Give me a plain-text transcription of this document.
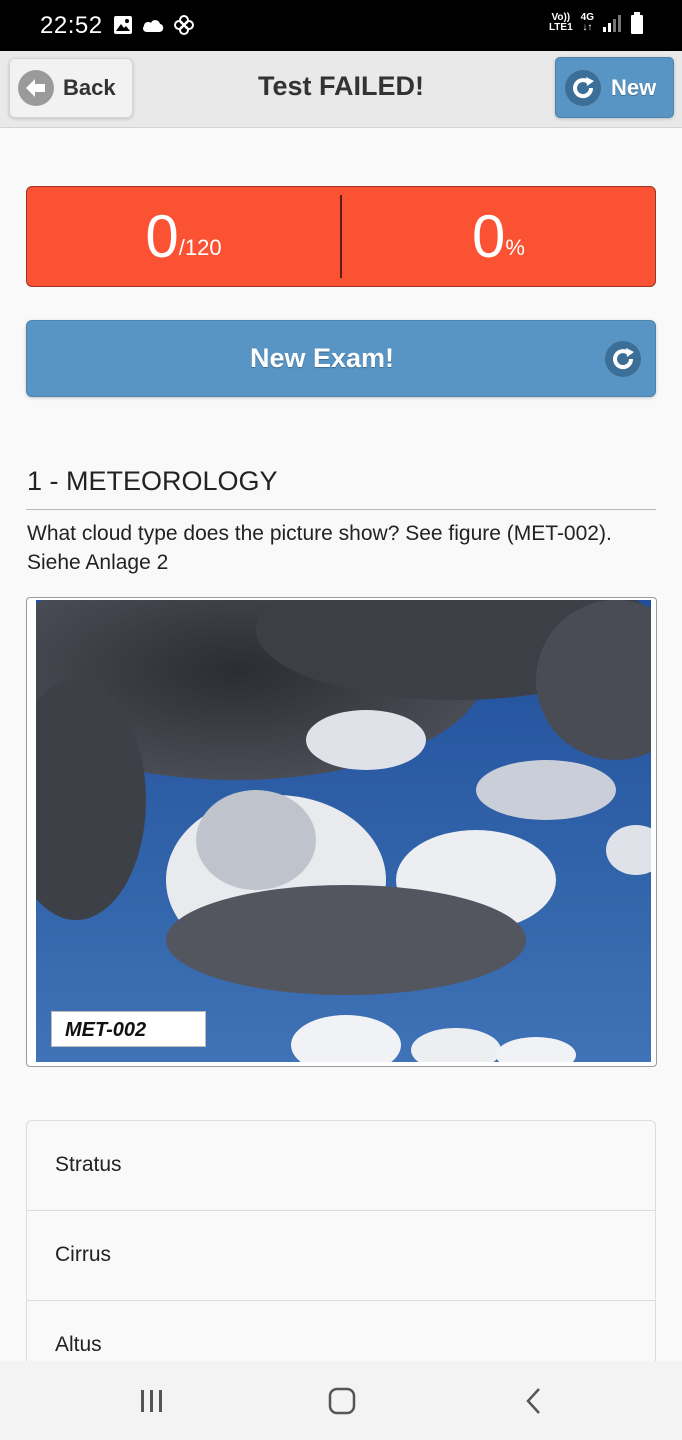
22:52	Vo))
LTE1
4G
↓↑
Back	Test FAILED!	New
0 /120	0 %
New Exam!
1 - METEOROLOGY
What cloud type does the picture show? See figure (MET-002). Siehe Anlage 2
MET-002
Stratus
Cirrus
Altus
